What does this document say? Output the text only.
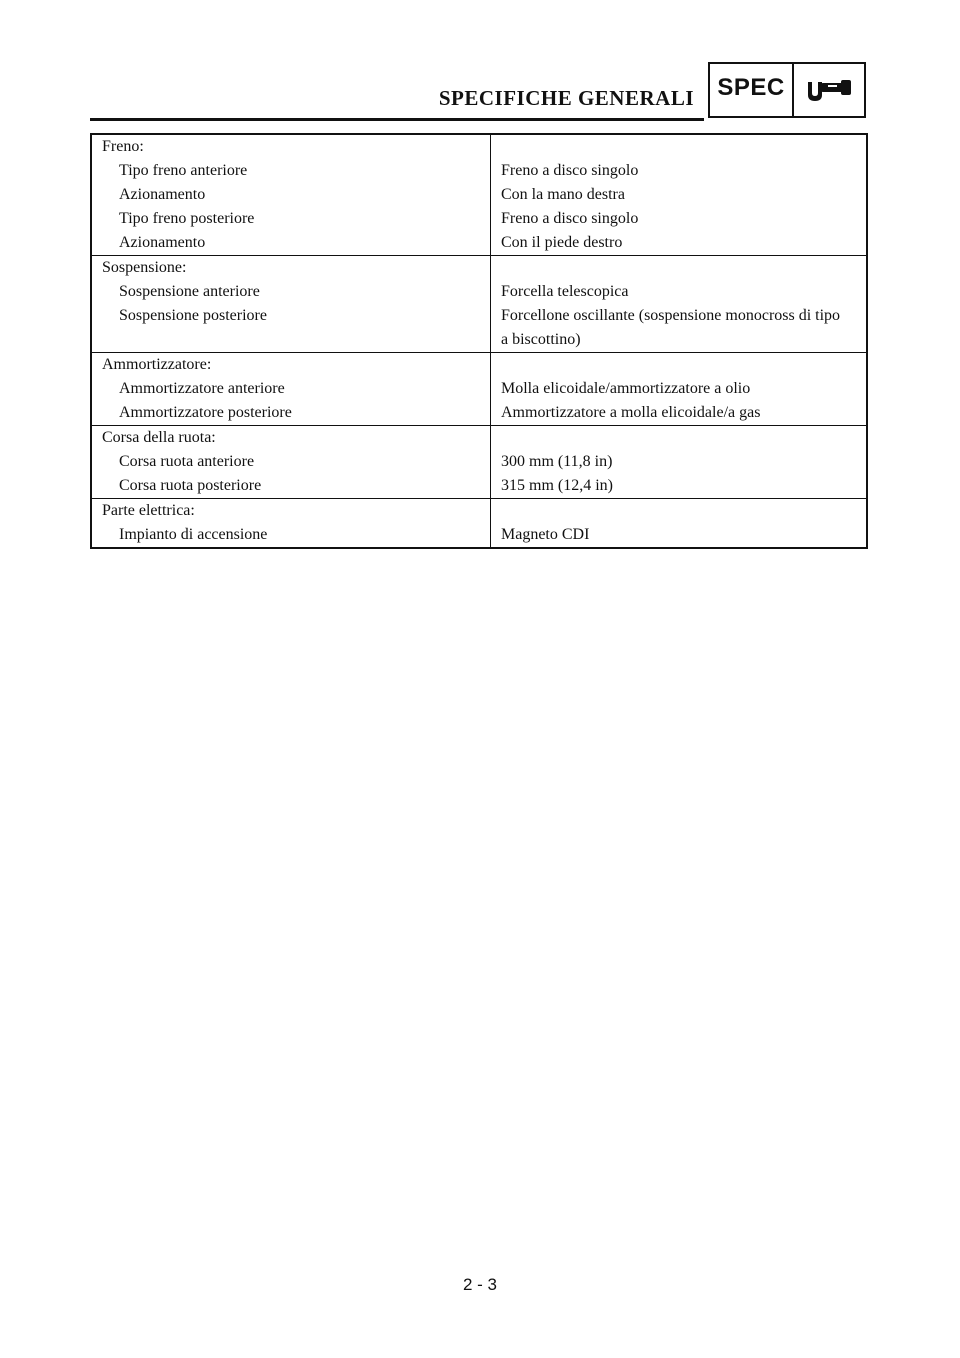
SPECIFICHE GENERALI SPEC
Freno:	

Tipo freno anteriore	Freno a disco singolo

Azionamento	Con la mano destra

Tipo freno posteriore	Freno a disco singolo

Azionamento	Con il piede destro
Sospensione:	

Sospensione anteriore	Forcella telescopica

Sospensione posteriore	Forcellone oscillante (sospensione monocross di tipo a biscottino)
Ammortizzatore:	

Ammortizzatore anteriore	Molla elicoidale/ammortizzatore a olio

Ammortizzatore posteriore	Ammortizzatore a molla elicoidale/a gas
Corsa della ruota:	

Corsa ruota anteriore	300 mm (11,8 in)

Corsa ruota posteriore	315 mm (12,4 in)
Parte elettrica:	

Impianto di accensione	Magneto CDI
2 - 3
